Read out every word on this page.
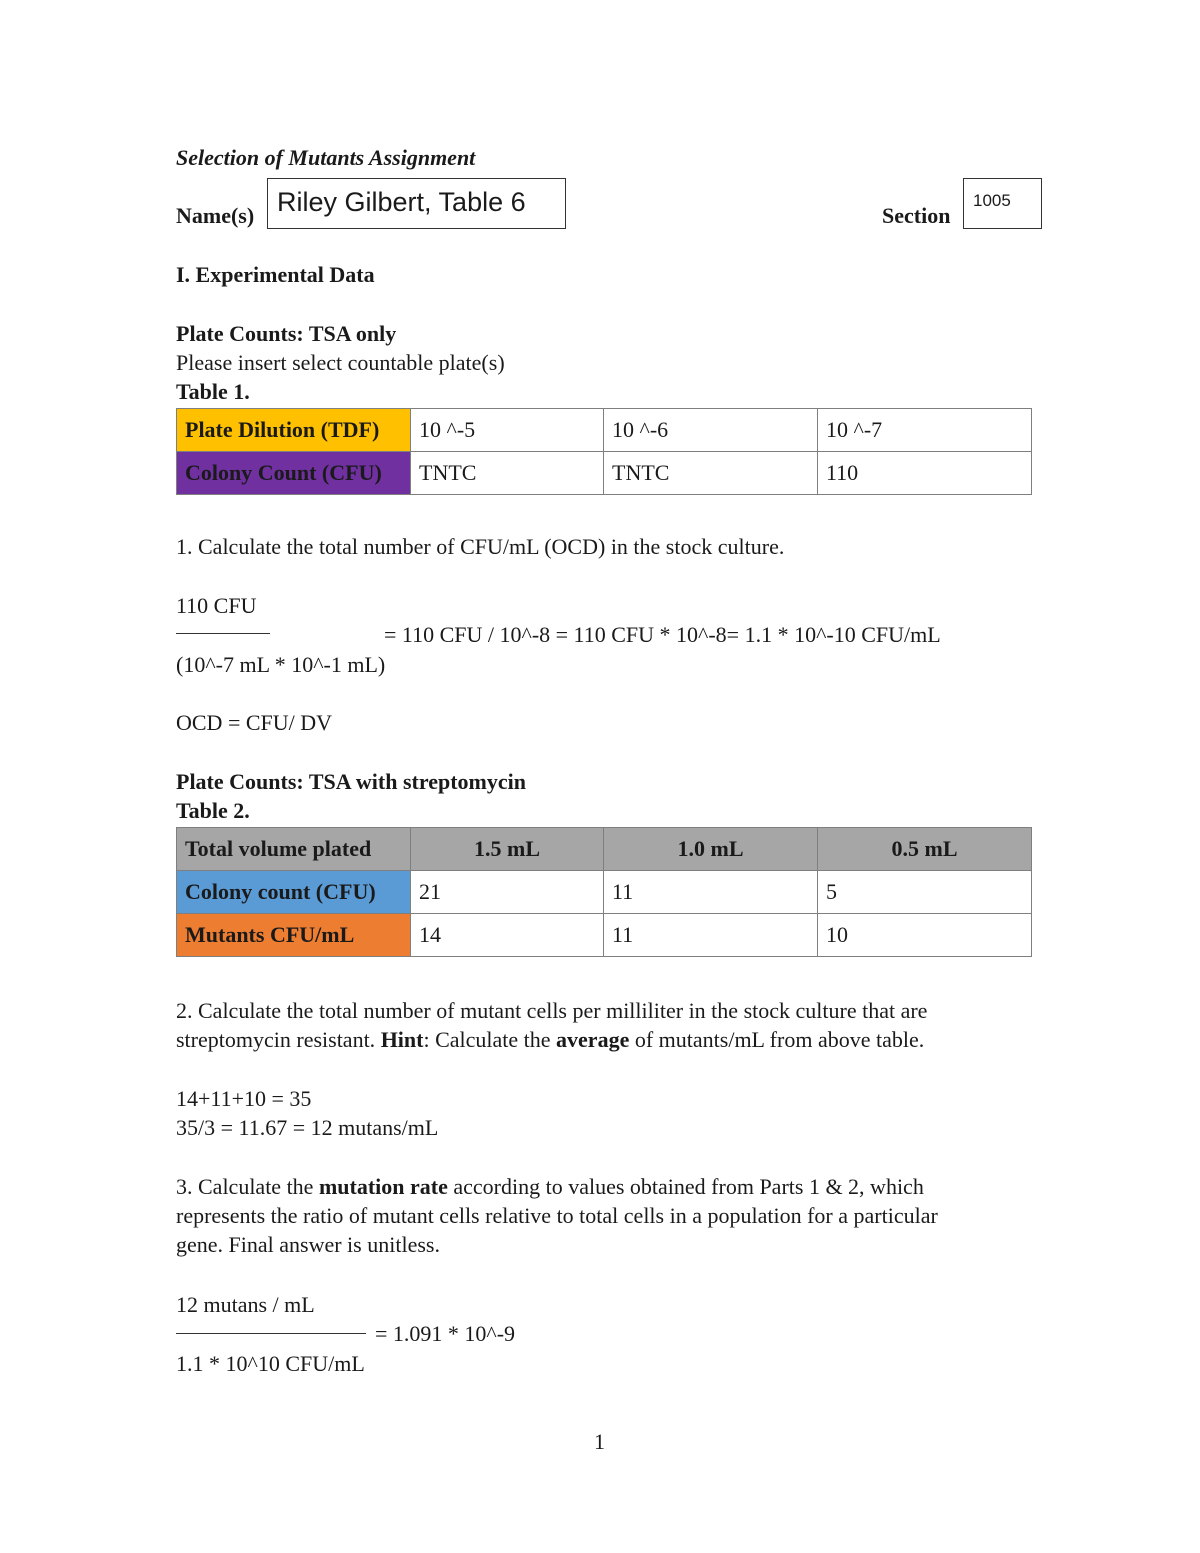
Selection of Mutants Assignment
Name(s) Riley Gilbert, Table 6	Section
1005
I. Experimental Data
Plate Counts: TSA only
Please insert select countable plate(s)
Table 1.
Plate Dilution (TDF)	10 ^-5	10 ^-6	10 ^-7
Colony Count (CFU)	TNTC	TNTC	110
1. Calculate the total number of CFU/mL (OCD) in the stock culture.
110 CFU
= 110 CFU / 10^-8 = 110 CFU * 10^-8= 1.1 * 10^-10 CFU/mL
(10^-7 mL * 10^-1 mL)
OCD = CFU/ DV
Plate Counts: TSA with streptomycin
Table 2.
Total volume plated	1.5 mL	1.0 mL	0.5 mL
Colony count (CFU)	21	11	5
Mutants CFU/mL	14	11	10
2. Calculate the total number of mutant cells per milliliter in the stock culture that are
streptomycin resistant. Hint: Calculate the average of mutants/mL from above table.
14+11+10 = 35
35/3 = 11.67 = 12 mutans/mL
3. Calculate the mutation rate according to values obtained from Parts 1 & 2, which
represents the ratio of mutant cells relative to total cells in a population for a particular
gene. Final answer is unitless.
12 mutans / mL
= 1.091 * 10^-9
1.1 * 10^10 CFU/mL
1
